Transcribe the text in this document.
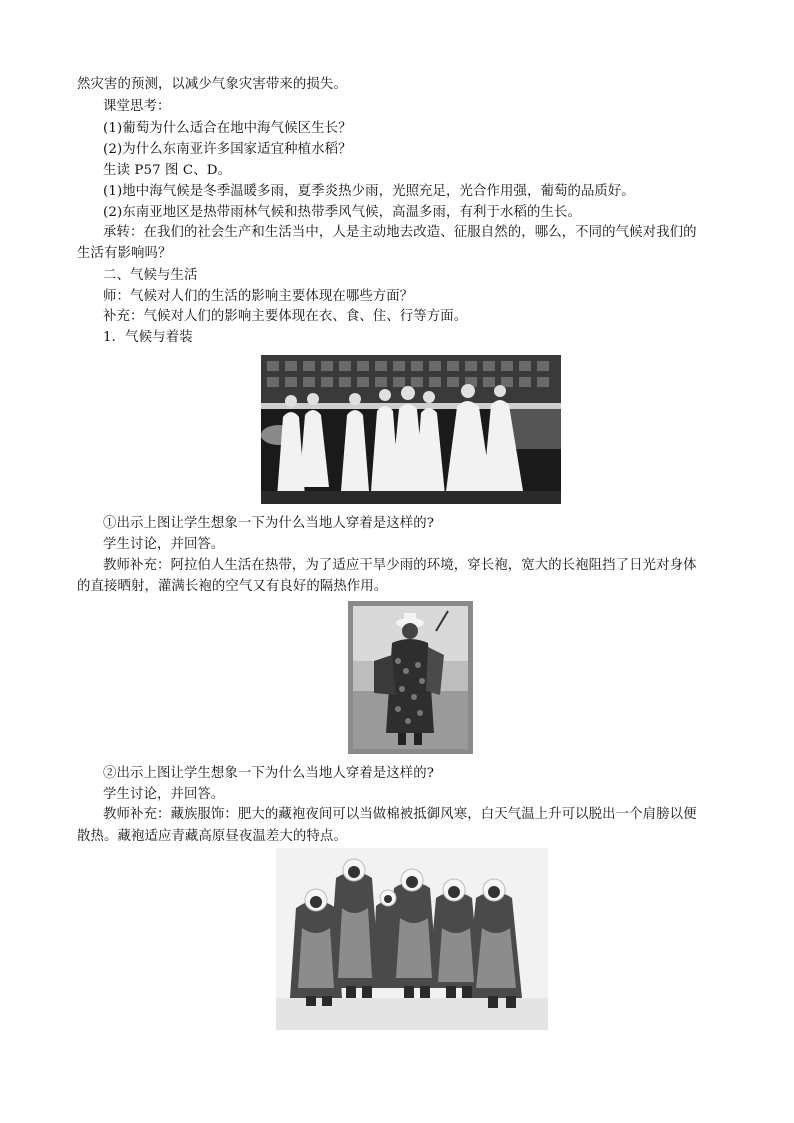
然灾害的预测，以减少气象灾害带来的损失。
课堂思考：
(1)葡萄为什么适合在地中海气候区生长？
(2)为什么东南亚许多国家适宜种植水稻？
生读 P57 图 C、D。
(1)地中海气候是冬季温暖多雨，夏季炎热少雨，光照充足，光合作用强，葡萄的品质好。
(2)东南亚地区是热带雨林气候和热带季风气候，高温多雨，有利于水稻的生长。
承转：在我们的社会生产和生活当中，人是主动地去改造、征服自然的，哪么，不同的气候对我们的
生活有影响吗？
二、气候与生活
师：气候对人们的生活的影响主要体现在哪些方面？
补充：气候对人们的影响主要体现在衣、食、住、行等方面。
1．气候与着装
①出示上图让学生想象一下为什么当地人穿着是这样的?
学生讨论，并回答。
教师补充：阿拉伯人生活在热带，为了适应干旱少雨的环境，穿长袍，宽大的长袍阻挡了日光对身体
的直接晒射，灌满长袍的空气又有良好的隔热作用。
②出示上图让学生想象一下为什么当地人穿着是这样的?
学生讨论，并回答。
教师补充：藏族服饰：肥大的藏袍夜间可以当做棉被抵御风寒，白天气温上升可以脱出一个肩膀以便
散热。藏袍适应青藏高原昼夜温差大的特点。
